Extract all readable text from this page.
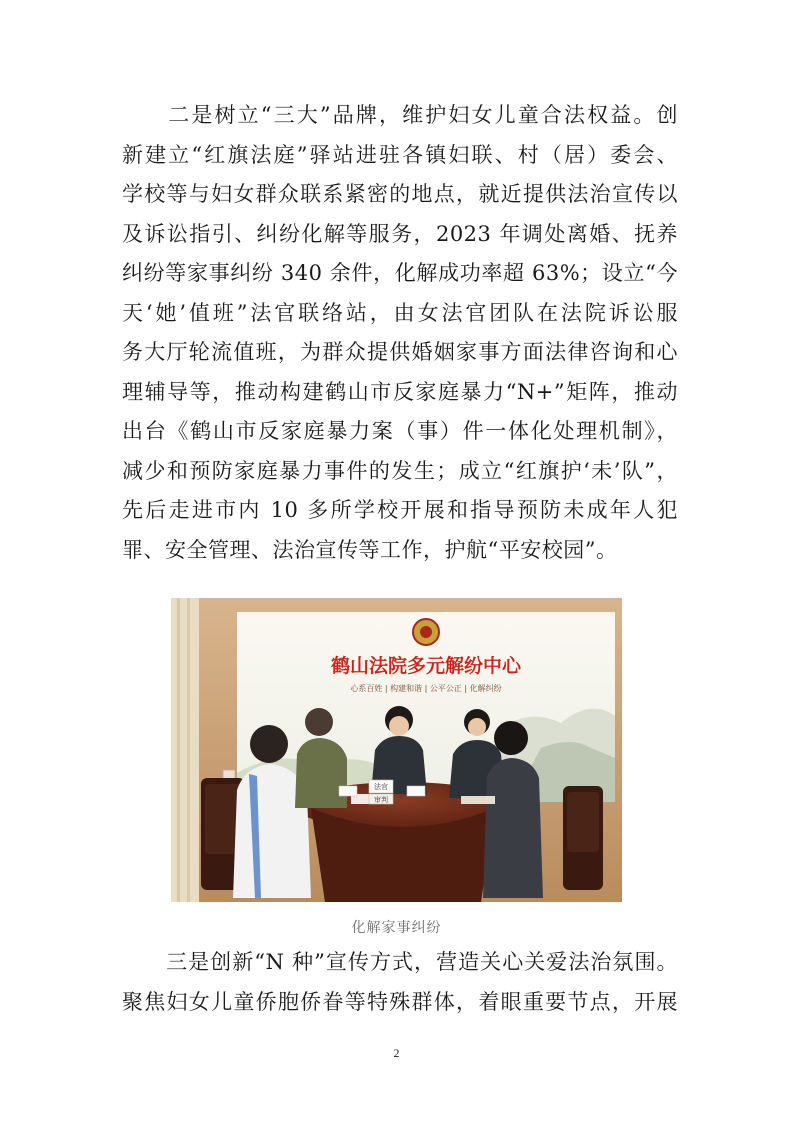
　　二是树立“三大”品牌，维护妇女儿童合法权益。创
新建立“红旗法庭”驿站进驻各镇妇联、村（居）委会、
学校等与妇女群众联系紧密的地点，就近提供法治宣传以
及诉讼指引、纠纷化解等服务，2023 年调处离婚、抚养
纠纷等家事纠纷 340 余件，化解成功率超 63%；设立“今
天‘她’值班”法官联络站，由女法官团队在法院诉讼服
务大厅轮流值班，为群众提供婚姻家事方面法律咨询和心
理辅导等，推动构建鹤山市反家庭暴力“N+”矩阵，推动
出台《鹤山市反家庭暴力案（事）件一体化处理机制》，
减少和预防家庭暴力事件的发生；成立“红旗护‘未’队”，
先后走进市内 10 多所学校开展和指导预防未成年人犯
罪、安全管理、法治宣传等工作，护航“平安校园”。
鹤山法院多元解纷中心
心系百姓 | 构建和谐 | 公平公正 | 化解纠纷
法官
审判
化解家事纠纷
　　三是创新“N 种”宣传方式，营造关心关爱法治氛围。
聚焦妇女儿童侨胞侨眷等特殊群体，着眼重要节点，开展
2
